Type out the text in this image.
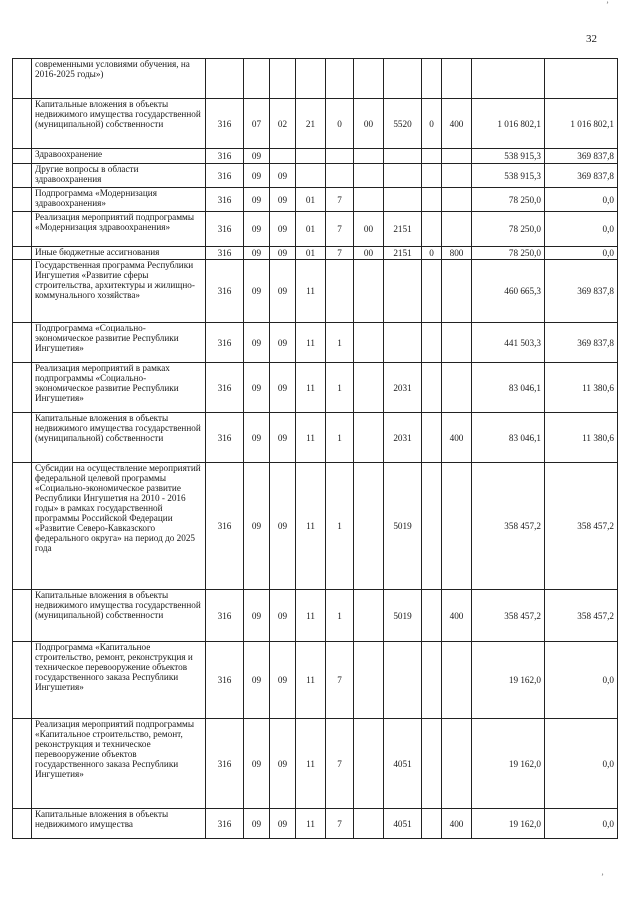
32
’
’
	современными условиями обучения, на 2016-2025 годы»)											
	Капитальные вложения в объекты недвижимого имущества государственной (муниципальной) собственности	316	07	02	21	0	00	5520	0	400	1 016 802,1	1 016 802,1
	Здравоохранение	316	09								538 915,3	369 837,8
	Другие вопросы в области здравоохранения	316	09	09							538 915,3	369 837,8
	Подпрограмма «Модернизация здравоохранения»	316	09	09	01	7					78 250,0	0,0
	Реализация мероприятий подпрограммы «Модернизация здравоохранения»	316	09	09	01	7	00	2151			78 250,0	0,0
	Иные бюджетные ассигнования	316	09	09	01	7	00	2151	0	800	78 250,0	0,0
	Государственная программа Республики Ингушетия «Развитие сферы строительства, архитектуры и жилищно-коммунального хозяйства»	316	09	09	11						460 665,3	369 837,8
	Подпрограмма «Социально-экономическое развитие Республики Ингушетия»	316	09	09	11	1					441 503,3	369 837,8
	Реализация мероприятий в рамках подпрограммы «Социально-экономическое развитие Республики Ингушетия»	316	09	09	11	1		2031			83 046,1	11 380,6
	Капитальные вложения в объекты недвижимого имущества государственной (муниципальной) собственности	316	09	09	11	1		2031		400	83 046,1	11 380,6
	Субсидии на осуществление мероприятий федеральной целевой программы «Социально-экономическое развитие Республики Ингушетия на 2010 - 2016 годы» в рамках государственной программы Российской Федерации «Развитие Северо-Кавказского федерального округа» на период до 2025 года	316	09	09	11	1		5019			358 457,2	358 457,2
	Капитальные вложения в объекты недвижимого имущества государственной (муниципальной) собственности	316	09	09	11	1		5019		400	358 457,2	358 457,2
	Подпрограмма «Капитальное строительство, ремонт, реконструкция и техническое перевооружение объектов государственного заказа Республики Ингушетия»	316	09	09	11	7					19 162,0	0,0
	Реализация мероприятий подпрограммы «Капитальное строительство, ремонт, реконструкция и техническое перевооружение объектов государственного заказа Республики Ингушетия»	316	09	09	11	7		4051			19 162,0	0,0
	Капитальные вложения в объекты недвижимого имущества	316	09	09	11	7		4051		400	19 162,0	0,0
